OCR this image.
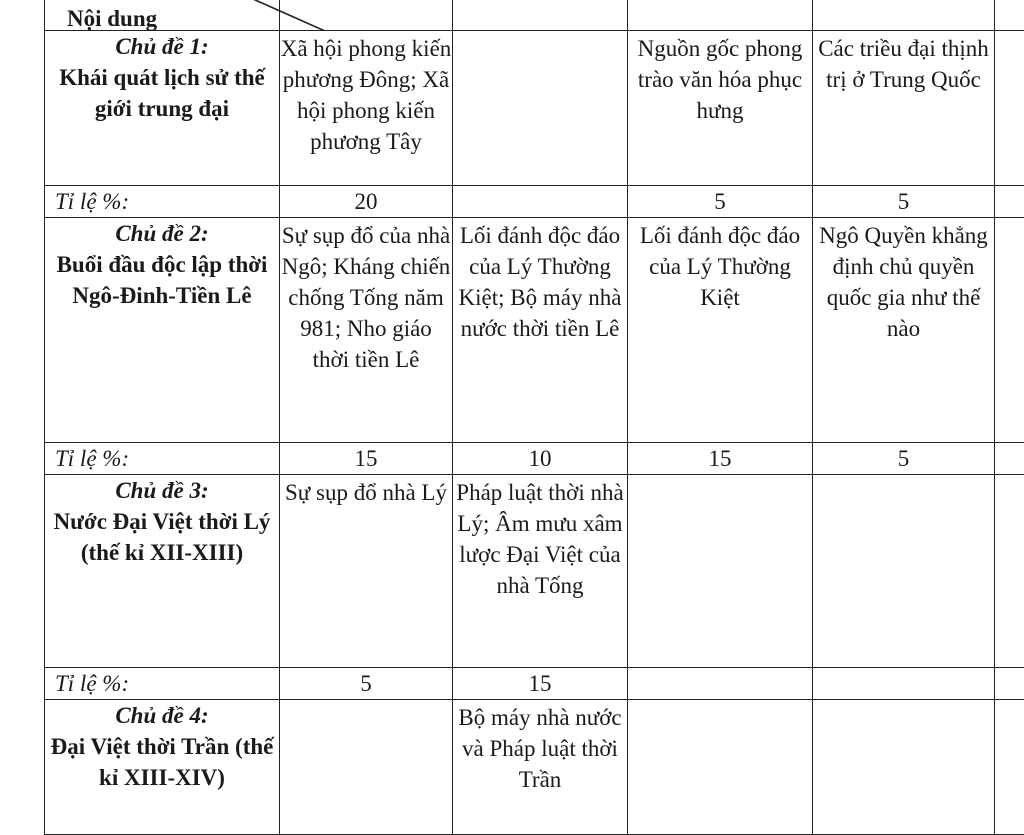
Nội dung					

Chủ đề 1:
Khái quát lịch sử thế giới trung đại	Xã hội phong kiến phương Đông; Xã hội phong kiến phương Tây		Nguồn gốc phong trào văn hóa phục hưng	Các triều đại thịnh trị ở Trung Quốc	

Tỉ lệ %:	20		5	5	

Chủ đề 2:
Buổi đầu độc lập thời Ngô-Đinh-Tiền Lê	Sự sụp đổ của nhà Ngô; Kháng chiến chống Tống năm 981; Nho giáo thời tiền Lê	Lối đánh độc đáo của Lý Thường Kiệt; Bộ máy nhà nước thời tiền Lê	Lối đánh độc đáo của Lý Thường Kiệt	Ngô Quyền khẳng định chủ quyền quốc gia như thế nào	

Tỉ lệ %:	15	10	15	5	

Chủ đề 3:
Nước Đại Việt thời Lý (thế kỉ XII-XIII)	Sự sụp đổ nhà Lý	Pháp luật thời nhà Lý; Âm mưu xâm lược Đại Việt của nhà Tống			

Tỉ lệ %:	5	15			

Chủ đề 4:
Đại Việt thời Trần (thế kỉ XIII-XIV)		Bộ máy nhà nước và Pháp luật thời Trần			
